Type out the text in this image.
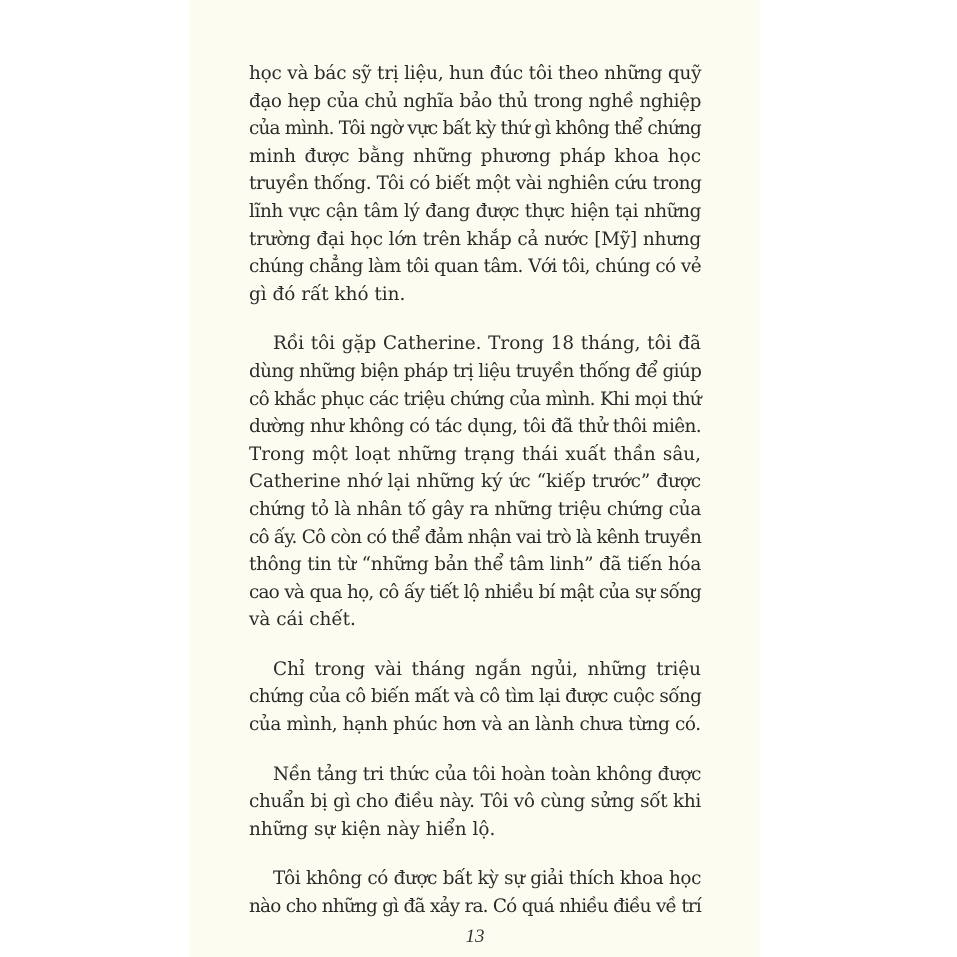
học và bác sỹ trị liệu, hun đúc tôi theo những quỹ
đạo hẹp của chủ nghĩa bảo thủ trong nghề nghiệp
của mình. Tôi ngờ vực bất kỳ thứ gì không thể chứng
minh được bằng những phương pháp khoa học
truyền thống. Tôi có biết một vài nghiên cứu trong
lĩnh vực cận tâm lý đang được thực hiện tại những
trường đại học lớn trên khắp cả nước [Mỹ] nhưng
chúng chẳng làm tôi quan tâm. Với tôi, chúng có vẻ
gì đó rất khó tin.

Rồi tôi gặp Catherine. Trong 18 tháng, tôi đã
dùng những biện pháp trị liệu truyền thống để giúp
cô khắc phục các triệu chứng của mình. Khi mọi thứ
dường như không có tác dụng, tôi đã thử thôi miên.
Trong một loạt những trạng thái xuất thần sâu,
Catherine nhớ lại những ký ức “kiếp trước” được
chứng tỏ là nhân tố gây ra những triệu chứng của
cô ấy. Cô còn có thể đảm nhận vai trò là kênh truyền
thông tin từ “những bản thể tâm linh” đã tiến hóa
cao và qua họ, cô ấy tiết lộ nhiều bí mật của sự sống
và cái chết.

Chỉ trong vài tháng ngắn ngủi, những triệu
chứng của cô biến mất và cô tìm lại được cuộc sống
của mình, hạnh phúc hơn và an lành chưa từng có.

Nền tảng tri thức của tôi hoàn toàn không được
chuẩn bị gì cho điều này. Tôi vô cùng sửng sốt khi
những sự kiện này hiển lộ.

Tôi không có được bất kỳ sự giải thích khoa học
nào cho những gì đã xảy ra. Có quá nhiều điều về trí

13
